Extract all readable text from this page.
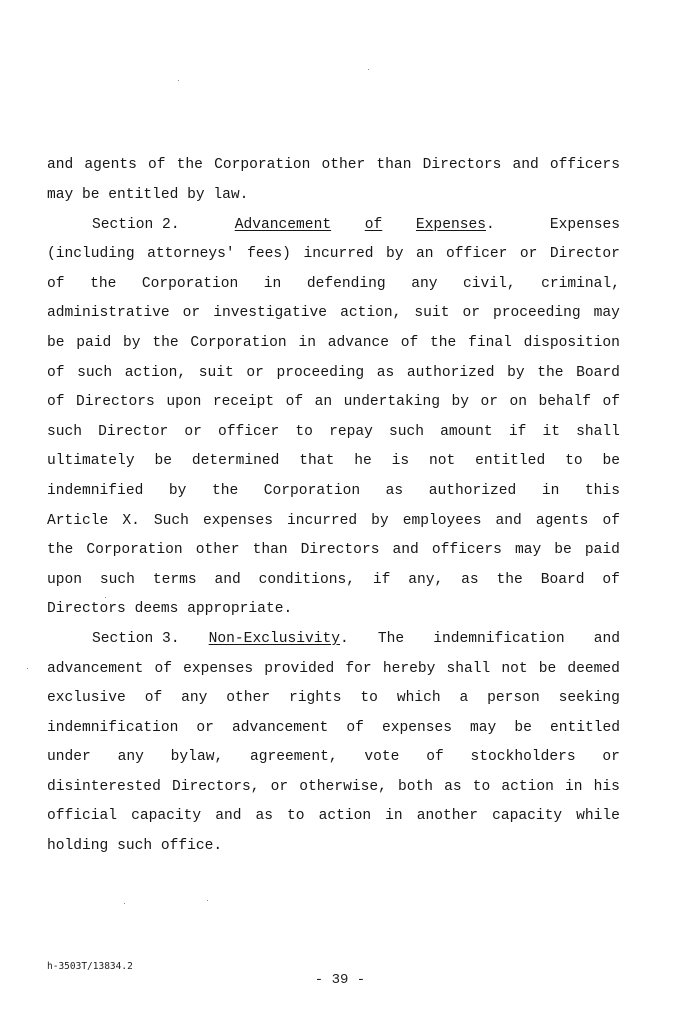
and agents of the Corporation other than Directors and officers
may be entitled by law.
Section 2.	Advancement of Expenses.	Expenses
(including attorneys' fees) incurred by an officer or Director
of the Corporation in defending any civil, criminal,
administrative or investigative action, suit or proceeding may
be paid by the Corporation in advance of the final disposition
of such action, suit or proceeding as authorized by the Board
of Directors upon receipt of an undertaking by or on behalf of
such Director or officer to repay such amount if it shall
ultimately be determined that he is not entitled to be
indemnified by the Corporation as authorized in this
Article X. Such expenses incurred by employees and agents of
the Corporation other than Directors and officers may be paid
upon such terms and conditions, if any, as the Board of
Directors deems appropriate.
Section 3. Non-Exclusivity. The indemnification and
advancement of expenses provided for hereby shall not be deemed
exclusive of any other rights to which a person seeking
indemnification or advancement of expenses may be entitled
under any bylaw, agreement, vote of stockholders or
disinterested Directors, or otherwise, both as to action in his
official capacity and as to action in another capacity while
holding such office.
h-3503T/13834.2
- 39 -
